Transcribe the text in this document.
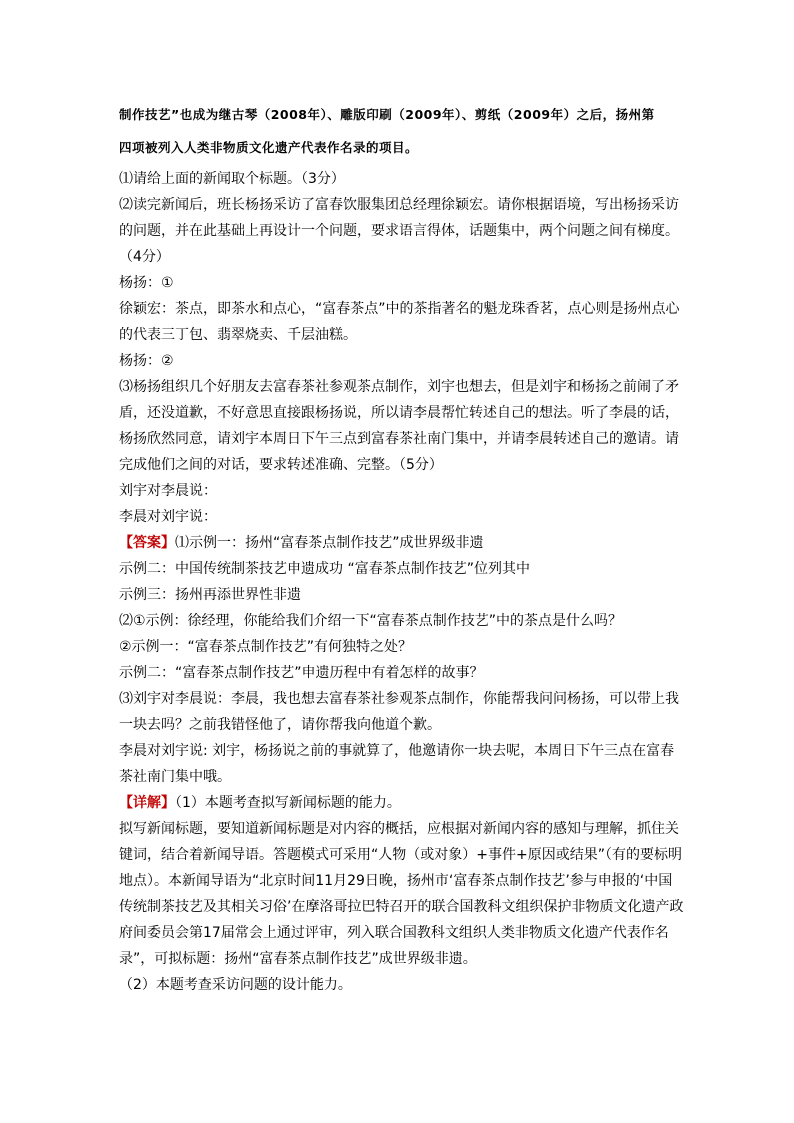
制作技艺”也成为继古琴（2008年）、雕版印刷（2009年）、剪纸（2009年）之后，扬州第

四项被列入人类非物质文化遗产代表作名录的项目。

⑴请给上面的新闻取个标题。（3分）

⑵读完新闻后，班长杨扬采访了富春饮服集团总经理徐颖宏。请你根据语境，写出杨扬采访的问题，并在此基础上再设计一个问题，要求语言得体，话题集中，两个问题之间有梯度。（4分）

杨扬：①

徐颖宏：茶点，即茶水和点心，“富春茶点”中的茶指著名的魁龙珠香茗，点心则是扬州点心的代表三丁包、翡翠烧卖、千层油糕。

杨扬：②

⑶杨扬组织几个好朋友去富春茶社参观茶点制作，刘宇也想去，但是刘宇和杨扬之前闹了矛盾，还没道歉，不好意思直接跟杨扬说，所以请李晨帮忙转述自己的想法。听了李晨的话，杨扬欣然同意，请刘宇本周日下午三点到富春茶社南门集中，并请李晨转述自己的邀请。请完成他们之间的对话，要求转述准确、完整。（5分）

刘宇对李晨说：

李晨对刘宇说：

【答案】⑴示例一：扬州“富春茶点制作技艺”成世界级非遗

示例二：中国传统制茶技艺申遗成功 “富春茶点制作技艺”位列其中

示例三：扬州再添世界性非遗

⑵①示例：徐经理，你能给我们介绍一下“富春茶点制作技艺”中的茶点是什么吗？

②示例一：“富春茶点制作技艺”有何独特之处？

示例二：“富春茶点制作技艺”申遗历程中有着怎样的故事？

⑶刘宇对李晨说：李晨，我也想去富春茶社参观茶点制作，你能帮我问问杨扬，可以带上我一块去吗？之前我错怪他了，请你帮我向他道个歉。

李晨对刘宇说: 刘宇，杨扬说之前的事就算了，他邀请你一块去呢，本周日下午三点在富春茶社南门集中哦。

【详解】（1）本题考查拟写新闻标题的能力。

拟写新闻标题，要知道新闻标题是对内容的概括，应根据对新闻内容的感知与理解，抓住关键词，结合着新闻导语。答题模式可采用“人物（或对象）+事件+原因或结果”（有的要标明地点）。本新闻导语为“北京时间11月29日晚，扬州市‘富春茶点制作技艺’参与申报的‘中国传统制茶技艺及其相关习俗’在摩洛哥拉巴特召开的联合国教科文组织保护非物质文化遗产政府间委员会第17届常会上通过评审，列入联合国教科文组织人类非物质文化遗产代表作名录”，可拟标题：扬州“富春茶点制作技艺”成世界级非遗。

（2）本题考查采访问题的设计能力。
